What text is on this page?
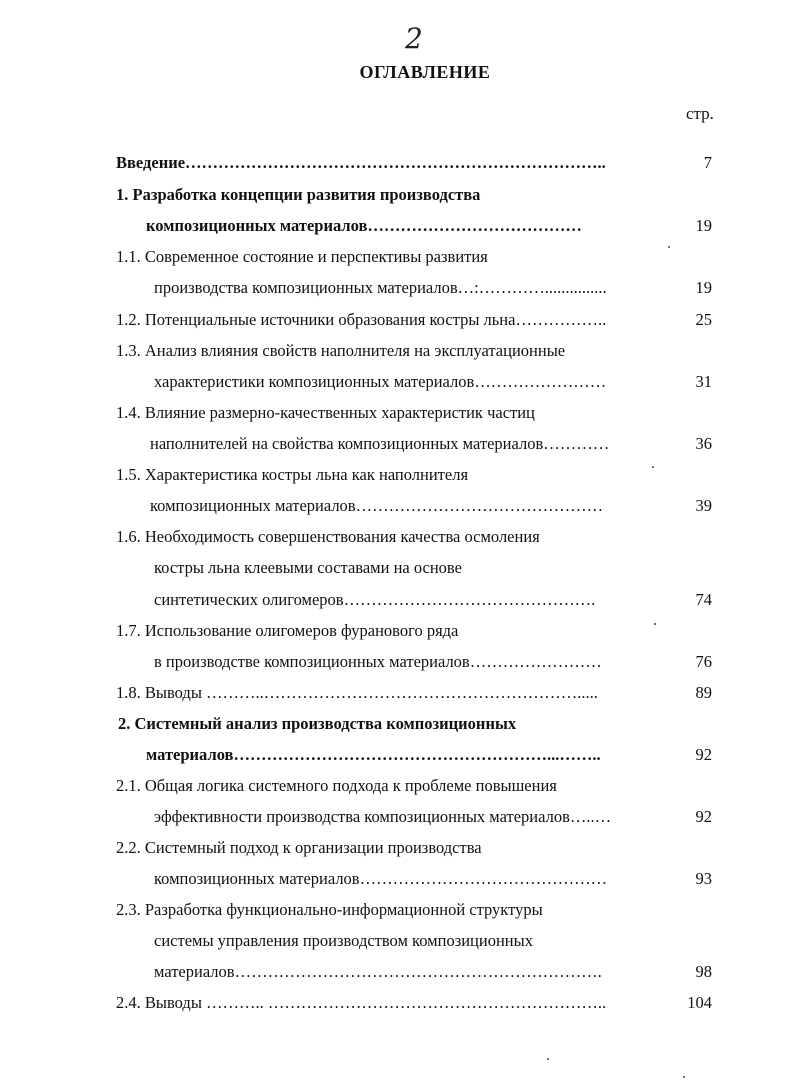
2
ОГЛАВЛЕНИЕ
стр.
Введение…………………………………………………………………..	7
1. Разработка концепции развития производства
композиционных материалов…………………………………	19
1.1. Современное состояние и перспективы развития
производства композиционных материалов…:…………...............	19
1.2. Потенциальные источники образования костры льна……………..	25
1.3. Анализ влияния свойств наполнителя на эксплуатационные
характеристики композиционных материалов……………………	31
1.4. Влияние размерно-качественных характеристик частиц
наполнителей на свойства композиционных материалов…………	36
1.5. Характеристика костры льна как наполнителя
композиционных материалов………………………………………	39
1.6. Необходимость совершенствования качества осмоления
костры льна клеевыми составами на основе
синтетических олигомеров……………………………………….	74
1.7. Использование олигомеров фуранового ряда
в производстве композиционных материалов……………………	76
1.8. Выводы ………..………………………………………………….....	89
2. Системный анализ производства композиционных
материалов…………………………………………………...……..	92
2.1. Общая логика системного подхода к проблеме повышения
эффективности производства композиционных материалов…..…	92
2.2. Системный подход к организации производства
композиционных материалов………………………………………	93
2.3. Разработка функционально-информационной структуры
системы управления производством композиционных
материалов………………………………………………………….	98
2.4. Выводы ……….. ……………………………………………………..	104
